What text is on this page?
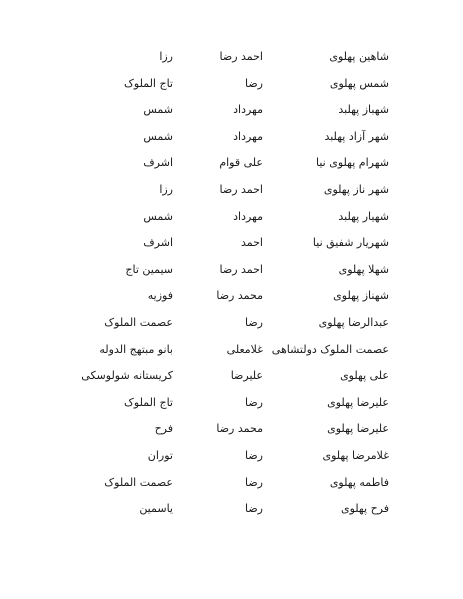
شاهین پهلوی
احمد رضا
رزا
شمس پهلوی
رضا
تاج الملوک
شهباز پهلبد
مهرداد
شمس
شهر آزاد پهلبد
مهرداد
شمس
شهرام پهلوی نیا
علی قوام
اشرف
شهر ناز پهلوی
احمد رضا
رزا
شهیار پهلبد
مهرداد
شمس
شهریار شفیق نیا
احمد
اشرف
شهلا پهلوی
احمد رضا
سیمین تاج
شهناز پهلوی
محمد رضا
فوزیه
عبدالرضا پهلوی
رضا
عصمت الملوک
عصمت الملوک دولتشاهی
غلامعلی
بانو مبتهج الدوله
علی پهلوی
علیرضا
کریستانه شولوسکی
علیرضا پهلوی
رضا
تاج الملوک
علیرضا پهلوی
محمد رضا
فرح
غلامرضا پهلوی
رضا
توران
فاطمه پهلوی
رضا
عصمت الملوک
فرح پهلوی
رضا
یاسمین
